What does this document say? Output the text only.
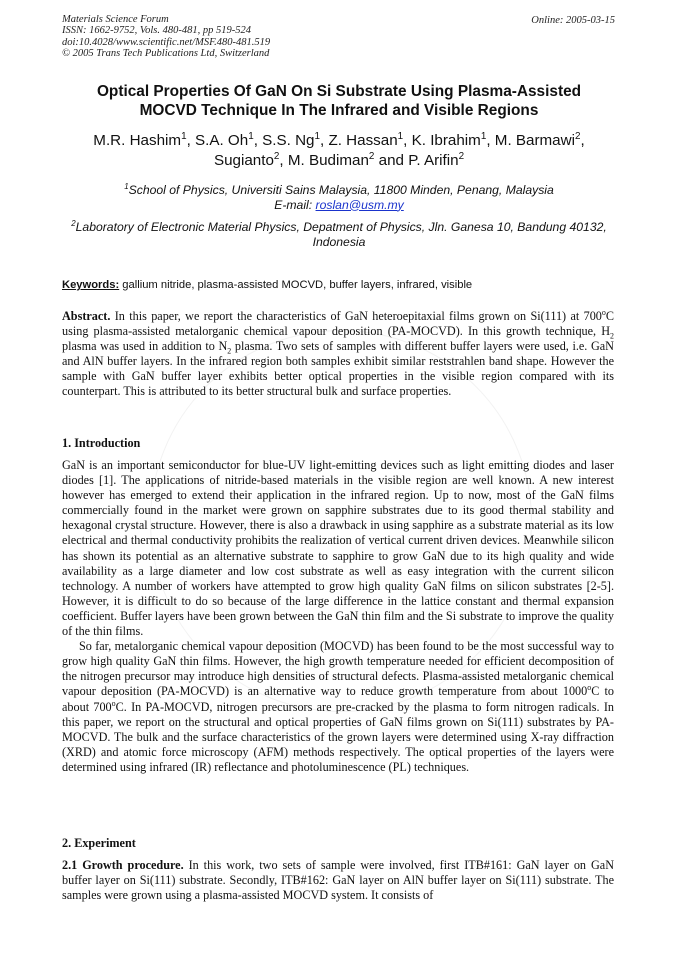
Materials Science Forum
ISSN: 1662-9752, Vols. 480-481, pp 519-524
doi:10.4028/www.scientific.net/MSF.480-481.519
© 2005 Trans Tech Publications Ltd, Switzerland
Online: 2005-03-15
Optical Properties Of GaN On Si Substrate Using Plasma-Assisted
MOCVD Technique In The Infrared and Visible Regions
M.R. Hashim$^1$, S.A. Oh$^1$, S.S. Ng$^1$, Z. Hassan$^1$, K. Ibrahim$^1$, M. Barmawi$^2$,
Sugianto$^2$, M. Budiman$^2$ and P. Arifin$^2$
$^1$School of Physics, Universiti Sains Malaysia, 11800 Minden, Penang, Malaysia
E-mail: roslan@usm.my
$^2$Laboratory of Electronic Material Physics, Depatment of Physics, Jln. Ganesa 10, Bandung 40132, Indonesia
Keywords: gallium nitride, plasma-assisted MOCVD, buffer layers, infrared, visible

Abstract. In this paper, we report the characteristics of GaN heteroepitaxial films grown on Si(111) at 700$^o$C using plasma-assisted metalorganic chemical vapour deposition (PA-MOCVD). In this growth technique, $H_2$ plasma was used in addition to $N_2$ plasma. Two sets of samples with different buffer layers were used, i.e. GaN and AlN buffer layers. In the infrared region both samples exhibit similar reststrahlen band shape. However the sample with GaN buffer layer exhibits better optical properties in the visible region compared with its counterpart. This is attributed to its better structural bulk and surface properties.

1. Introduction

GaN is an important semiconductor for blue-UV light-emitting devices such as light emitting diodes and laser diodes [1]. The applications of nitride-based materials in the visible region are well known. A new interest however has emerged to extend their application in the infrared region. Up to now, most of the GaN films commercially found in the market were grown on sapphire substrates due to its good thermal stability and hexagonal crystal structure. However, there is also a drawback in using sapphire as a substrate material as its low electrical and thermal conductivity prohibits the realization of vertical current driven devices. Meanwhile silicon has shown its potential as an alternative substrate to sapphire to grow GaN due to its high quality and wide availability as a large diameter and low cost substrate as well as easy integration with the current silicon technology. A number of workers have attempted to grow high quality GaN films on silicon substrates [2-5]. However, it is difficult to do so because of the large difference in the lattice constant and thermal expansion coefficient. Buffer layers have been grown between the GaN thin film and the Si substrate to improve the quality of the thin films.

So far, metalorganic chemical vapour deposition (MOCVD) has been found to be the most successful way to grow high quality GaN thin films. However, the high growth temperature needed for efficient decomposition of the nitrogen precursor may introduce high densities of structural defects. Plasma-assisted metalorganic chemical vapour deposition (PA-MOCVD) is an alternative way to reduce growth temperature from about 1000$^o$C to about 700$^o$C. In PA-MOCVD, nitrogen precursors are pre-cracked by the plasma to form nitrogen radicals. In this paper, we report on the structural and optical properties of GaN films grown on Si(111) substrates by PA-MOCVD. The bulk and the surface characteristics of the grown layers were determined using X-ray diffraction (XRD) and atomic force microscopy (AFM) methods respectively. The optical properties of the layers were determined using infrared (IR) reflectance and photoluminescence (PL) techniques.

2. Experiment

2.1 Growth procedure. In this work, two sets of sample were involved, first ITB#161: GaN layer on GaN buffer layer on Si(111) substrate. Secondly, ITB#162: GaN layer on AlN buffer layer on Si(111) substrate. The samples were grown using a plasma-assisted MOCVD system. It consists of
